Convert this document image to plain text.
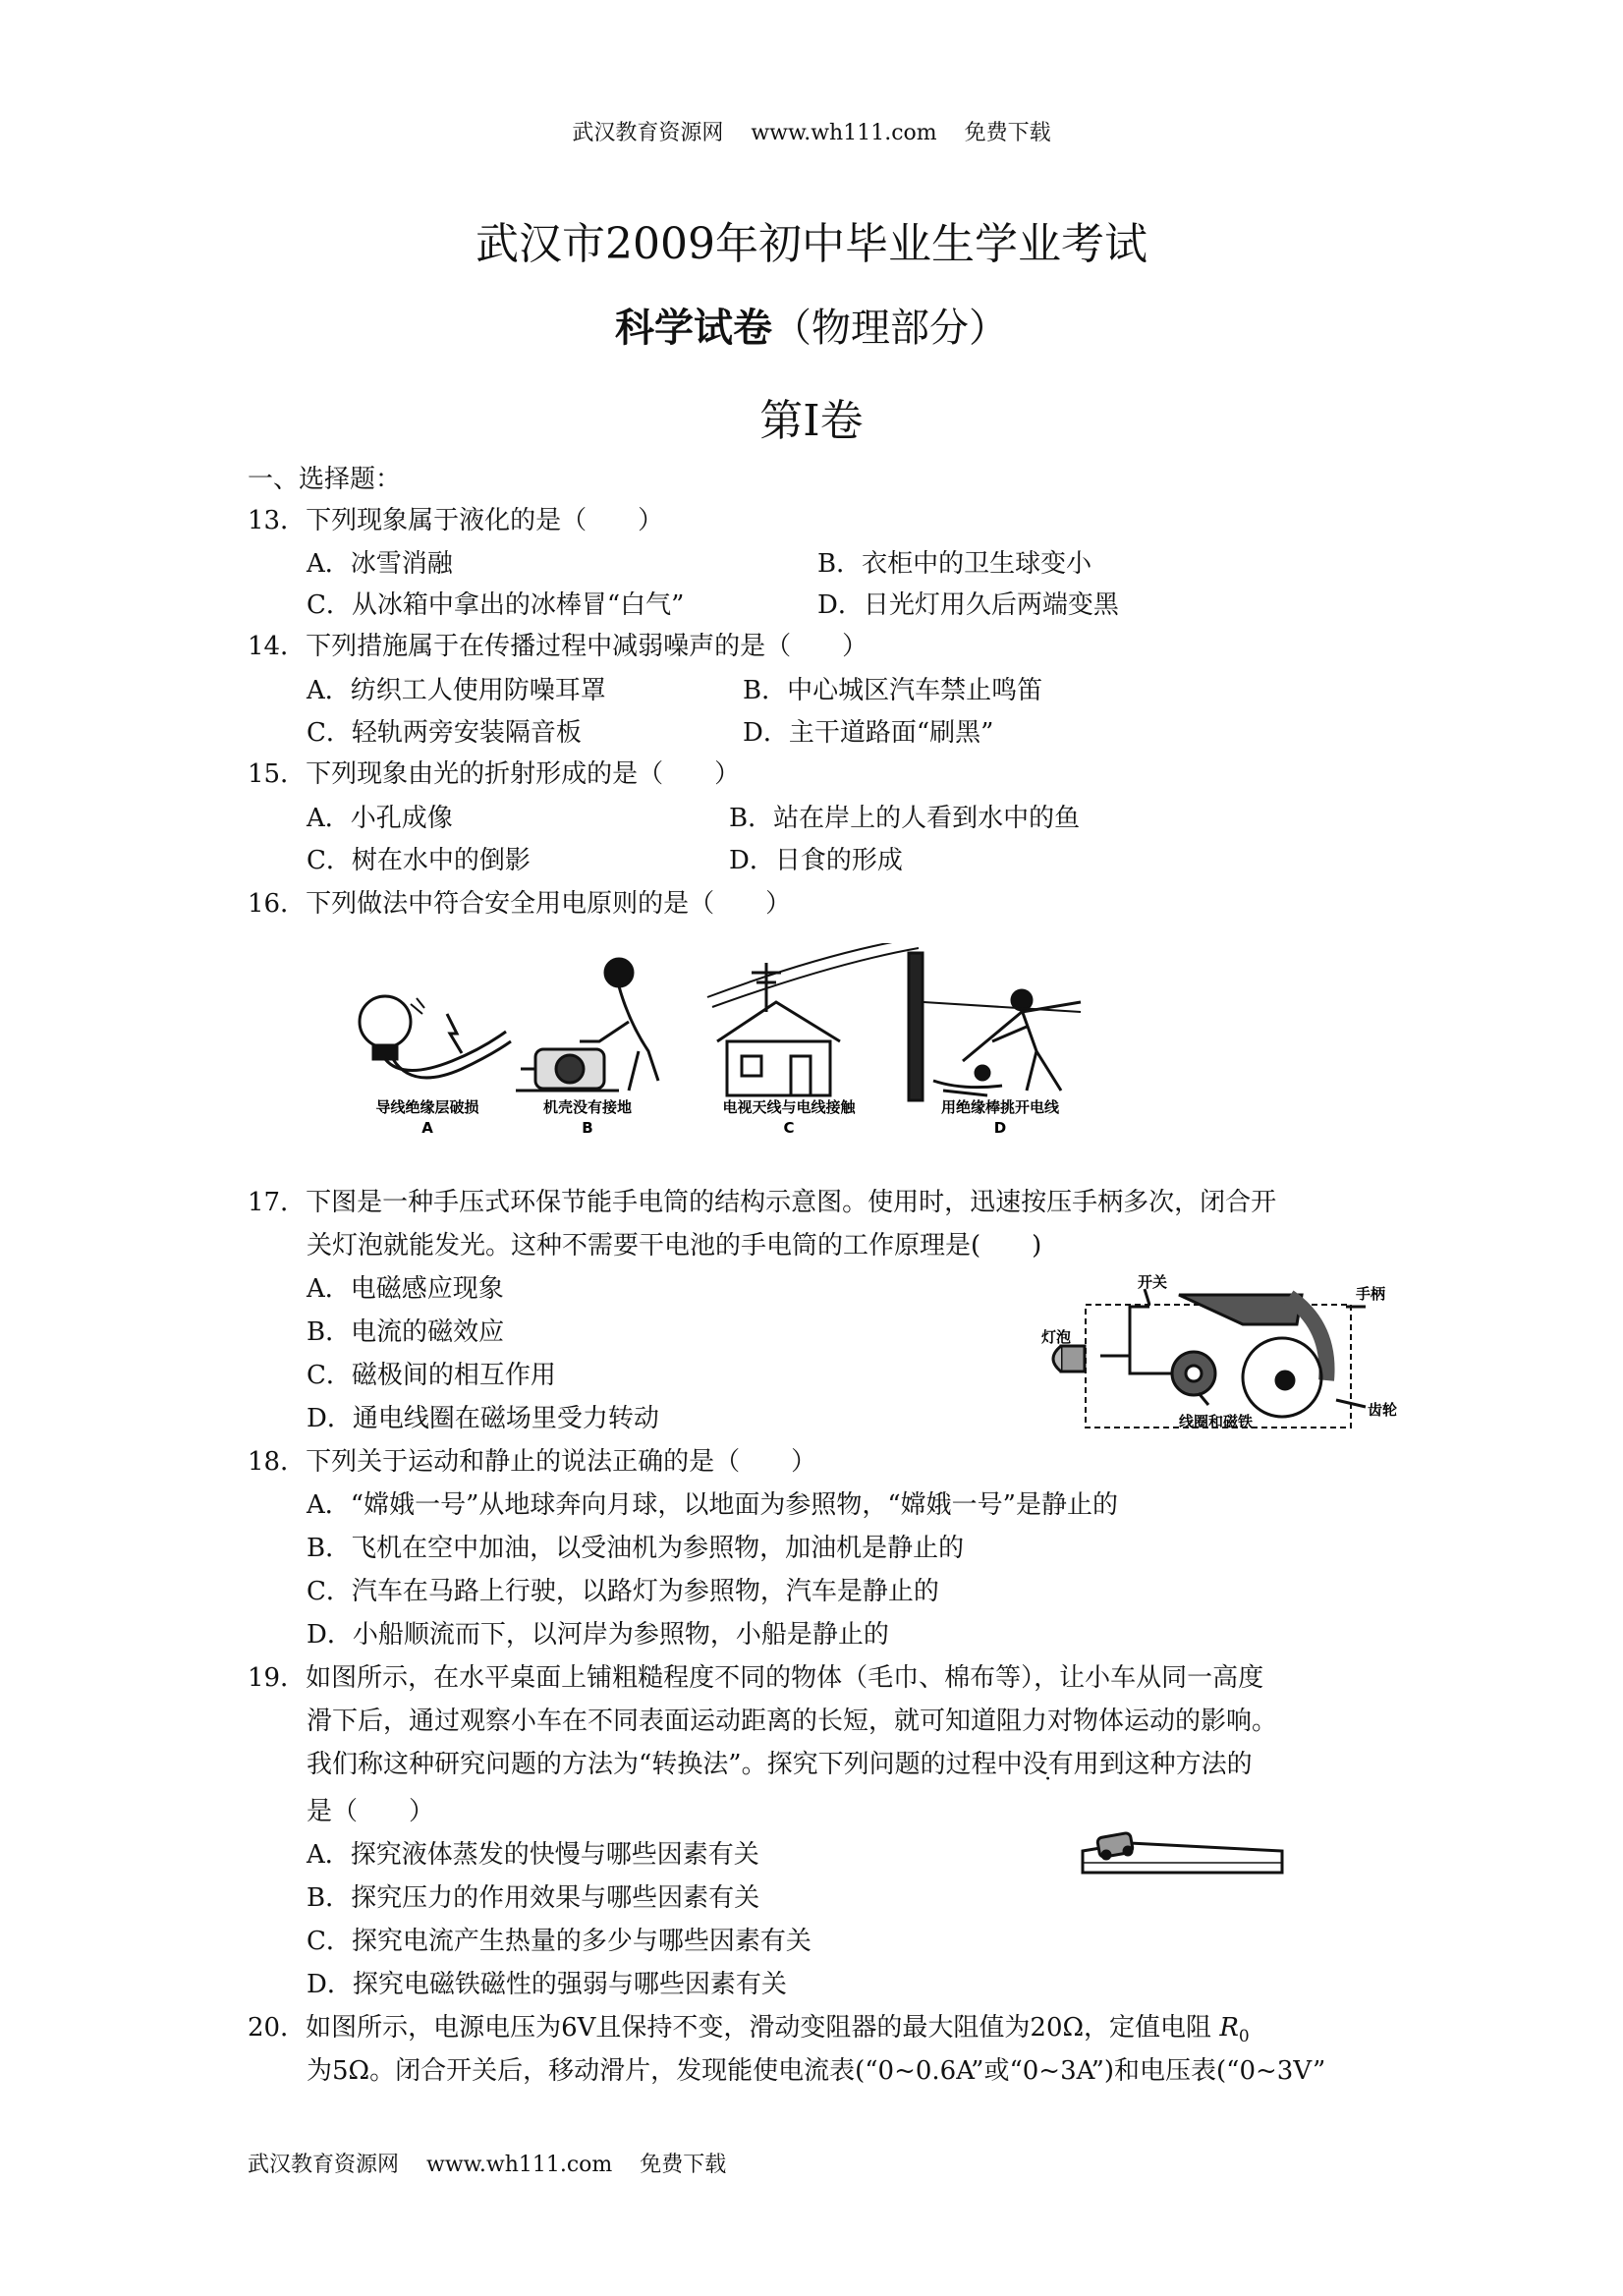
武汉教育资源网 www.wh111.com 免费下载
武汉市2009年初中毕业生学业考试
科学试卷（物理部分）
第Ⅰ卷
一、选择题：
13．下列现象属于液化的是（　　）
A．冰雪消融	B．衣柜中的卫生球变小
C．从冰箱中拿出的冰棒冒“白气”	D．日光灯用久后两端变黑
14．下列措施属于在传播过程中减弱噪声的是（　　）
A．纺织工人使用防噪耳罩	B．中心城区汽车禁止鸣笛
C．轻轨两旁安装隔音板	D．主干道路面“刷黑”
15．下列现象由光的折射形成的是（　　）
A．小孔成像	B．站在岸上的人看到水中的鱼
C．树在水中的倒影	D．日食的形成
16．下列做法中符合安全用电原则的是（　　）
导线绝缘层破损
A
机壳没有接地
B
电视天线与电线接触
C
用绝缘棒挑开电线
D
17．下图是一种手压式环保节能手电筒的结构示意图。使用时，迅速按压手柄多次，闭合开
关灯泡就能发光。这种不需要干电池的手电筒的工作原理是(　　)
A．电磁感应现象
B．电流的磁效应
C．磁极间的相互作用
D．通电线圈在磁场里受力转动
开关
手柄
灯泡
线圈和磁铁
齿轮
18．下列关于运动和静止的说法正确的是（　　）
A．“嫦娥一号”从地球奔向月球，以地面为参照物，“嫦娥一号”是静止的
B．飞机在空中加油，以受油机为参照物，加油机是静止的
C．汽车在马路上行驶，以路灯为参照物，汽车是静止的
D．小船顺流而下，以河岸为参照物，小船是静止的
19．如图所示，在水平桌面上铺粗糙程度不同的物体（毛巾、棉布等），让小车从同一高度
滑下后，通过观察小车在不同表面运动距离的长短，就可知道阻力对物体运动的影响。
我们称这种研究问题的方法为“转换法”。探究下列问题的过程中没有用到这种方法的
是（　　）
A．探究液体蒸发的快慢与哪些因素有关
B．探究压力的作用效果与哪些因素有关
C．探究电流产生热量的多少与哪些因素有关
D．探究电磁铁磁性的强弱与哪些因素有关
20．如图所示，电源电压为6V且保持不变，滑动变阻器的最大阻值为20Ω，定值电阻 $R_0$
为5Ω。闭合开关后，移动滑片，发现能使电流表(“0~0.6A”或“0~3A”)和电压表(“0~3V”
武汉教育资源网 www.wh111.com 免费下载
